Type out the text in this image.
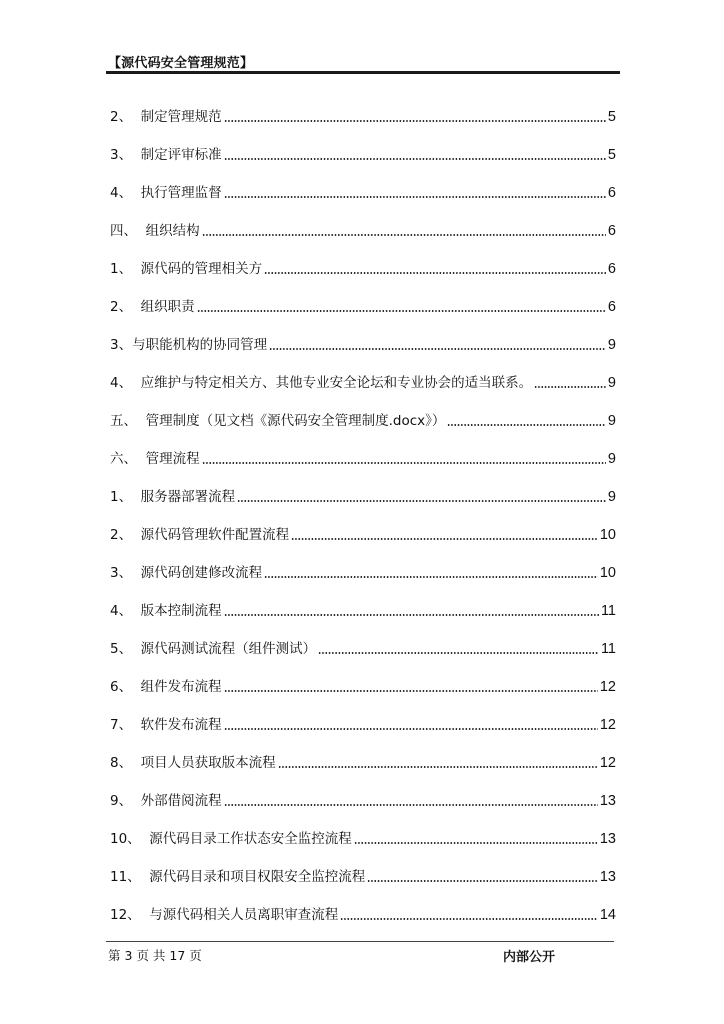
【源代码安全管理规范】
2、 制定管理规范	5
3、 制定评审标准	5
4、 执行管理监督	6
四、 组织结构	6
1、 源代码的管理相关方	6
2、 组织职责	6
3、 与职能机构的协同管理	9
4、 应维护与特定相关方、其他专业安全论坛和专业协会的适当联系。	9
五、 管理制度（见文档《源代码安全管理制度.docx》）	9
六、 管理流程	9
1、 服务器部署流程	9
2、 源代码管理软件配置流程	10
3、 源代码创建修改流程	10
4、 版本控制流程	11
5、 源代码测试流程（组件测试）	11
6、 组件发布流程	12
7、 软件发布流程	12
8、 项目人员获取版本流程	12
9、 外部借阅流程	13
10、 源代码目录工作状态安全监控流程	13
11、 源代码目录和项目权限安全监控流程	13
12、 与源代码相关人员离职审查流程	14
第 3 页 共 17 页	内部公开
